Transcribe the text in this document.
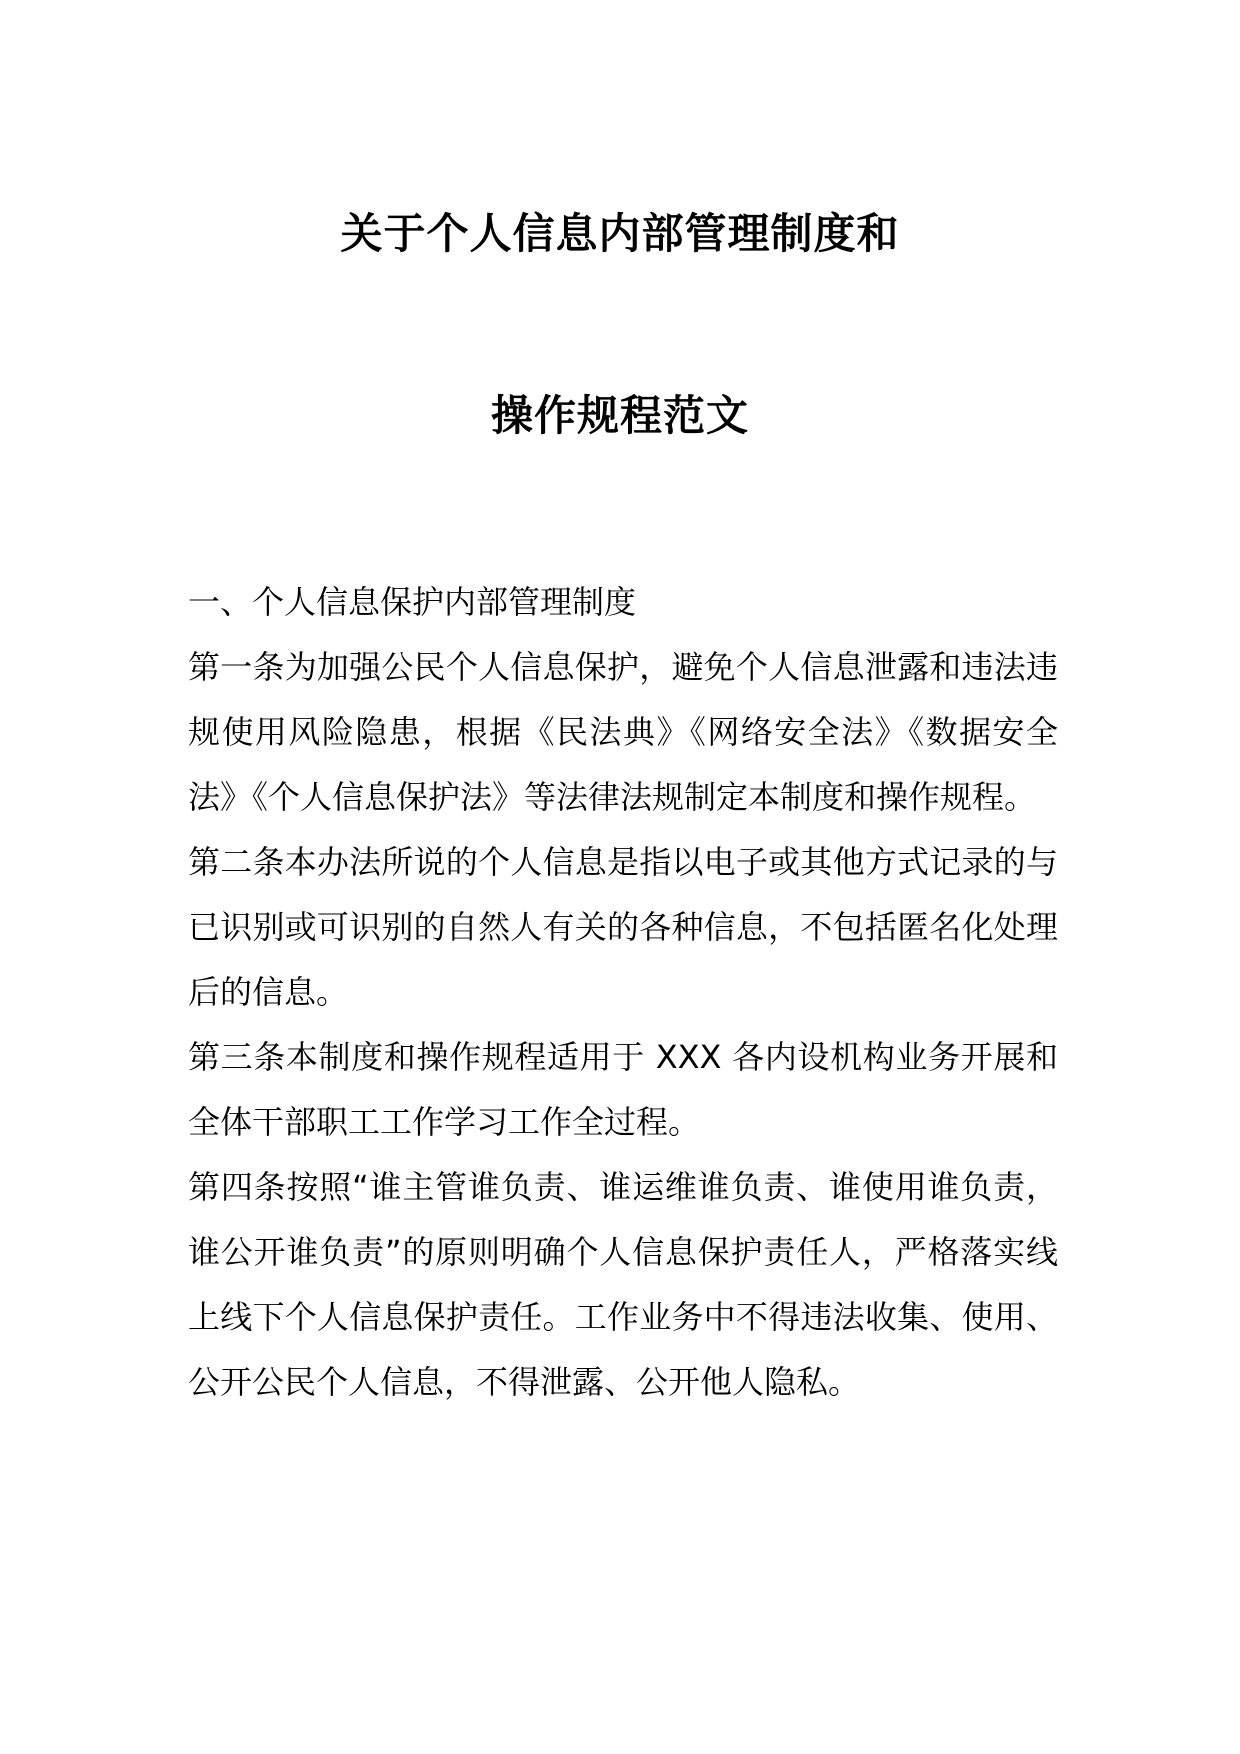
关于个人信息内部管理制度和
操作规程范文

一、个人信息保护内部管理制度

第一条为加强公民个人信息保护，避免个人信息泄露和违法违规使用风险隐患，根据《民法典》《网络安全法》《数据安全法》《个人信息保护法》等法律法规制定本制度和操作规程。

第二条本办法所说的个人信息是指以电子或其他方式记录的与已识别或可识别的自然人有关的各种信息，不包括匿名化处理后的信息。

第三条本制度和操作规程适用于 XXX 各内设机构业务开展和全体干部职工工作学习工作全过程。

第四条按照“谁主管谁负责、谁运维谁负责、谁使用谁负责，谁公开谁负责”的原则明确个人信息保护责任人，严格落实线上线下个人信息保护责任。工作业务中不得违法收集、使用、公开公民个人信息，不得泄露、公开他人隐私。
